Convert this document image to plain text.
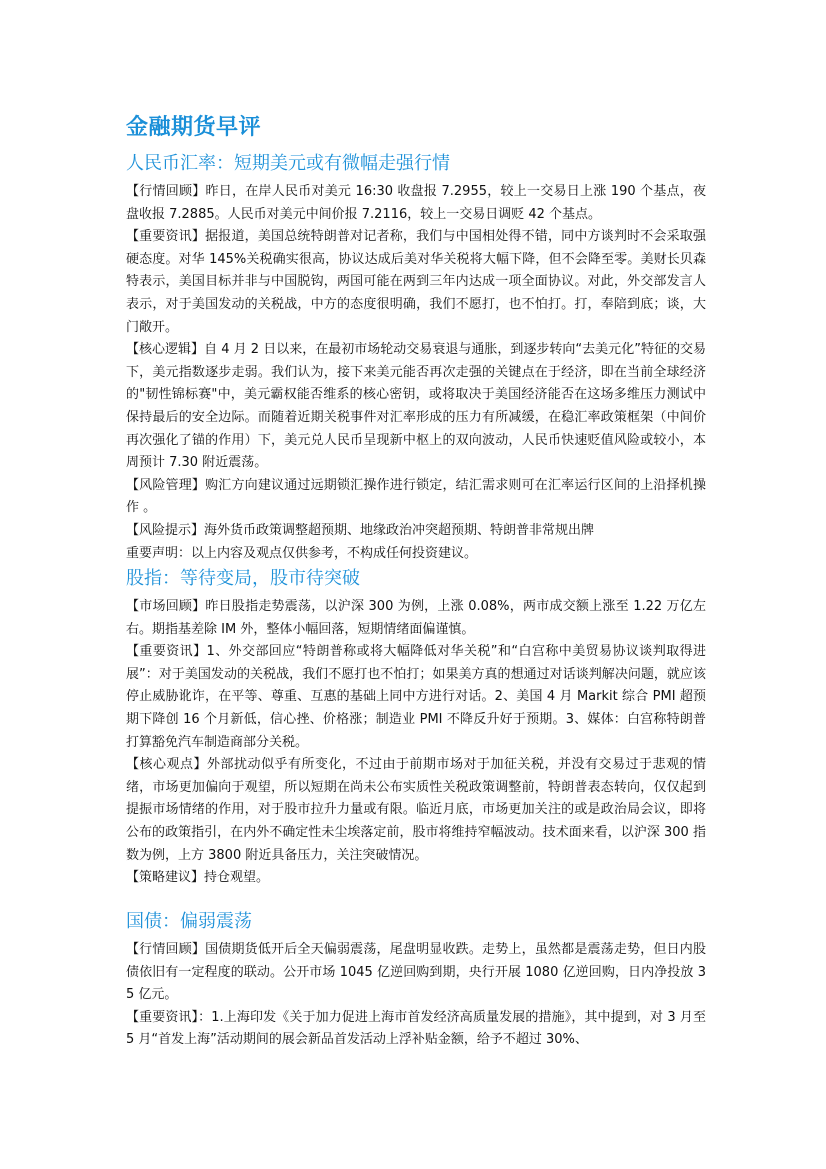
金融期货早评
人民币汇率：短期美元或有微幅走强行情

【行情回顾】昨日，在岸人民币对美元 16:30 收盘报 7.2955，较上一交易日上涨 190 个基点，夜盘收报 7.2885。人民币对美元中间价报 7.2116，较上一交易日调贬 42 个基点。

【重要资讯】据报道，美国总统特朗普对记者称，我们与中国相处得不错，同中方谈判时不会采取强硬态度。对华 145%关税确实很高，协议达成后美对华关税将大幅下降，但不会降至零。美财长贝森特表示，美国目标并非与中国脱钩，两国可能在两到三年内达成一项全面协议。对此，外交部发言人表示，对于美国发动的关税战，中方的态度很明确，我们不愿打，也不怕打。打，奉陪到底；谈，大门敞开。

【核心逻辑】自 4 月 2 日以来，在最初市场轮动交易衰退与通胀，到逐步转向“去美元化”特征的交易下，美元指数逐步走弱。我们认为，接下来美元能否再次走强的关键点在于经济，即在当前全球经济的"韧性锦标赛"中，美元霸权能否维系的核心密钥，或将取决于美国经济能否在这场多维压力测试中保持最后的安全边际。而随着近期关税事件对汇率形成的压力有所减缓，在稳汇率政策框架（中间价再次强化了锚的作用）下，美元兑人民币呈现新中枢上的双向波动，人民币快速贬值风险或较小，本周预计 7.30 附近震荡。

【风险管理】购汇方向建议通过远期锁汇操作进行锁定，结汇需求则可在汇率运行区间的上沿择机操作 。

【风险提示】海外货币政策调整超预期、地缘政治冲突超预期、特朗普非常规出牌

重要声明：以上内容及观点仅供参考，不构成任何投资建议。

股指：等待变局，股市待突破

【市场回顾】昨日股指走势震荡，以沪深 300 为例，上涨 0.08%，两市成交额上涨至 1.22 万亿左右。期指基差除 IM 外，整体小幅回落，短期情绪面偏谨慎。

【重要资讯】1、外交部回应“特朗普称或将大幅降低对华关税”和“白宫称中美贸易协议谈判取得进展”：对于美国发动的关税战，我们不愿打也不怕打；如果美方真的想通过对话谈判解决问题，就应该停止威胁讹诈，在平等、尊重、互惠的基础上同中方进行对话。2、美国 4 月 Markit 综合 PMI 超预期下降创 16 个月新低，信心挫、价格涨；制造业 PMI 不降反升好于预期。3、媒体：白宫称特朗普打算豁免汽车制造商部分关税。

【核心观点】外部扰动似乎有所变化，不过由于前期市场对于加征关税，并没有交易过于悲观的情绪，市场更加偏向于观望，所以短期在尚未公布实质性关税政策调整前，特朗普表态转向，仅仅起到提振市场情绪的作用，对于股市拉升力量或有限。临近月底，市场更加关注的或是政治局会议，即将公布的政策指引，在内外不确定性未尘埃落定前，股市将维持窄幅波动。技术面来看，以沪深 300 指数为例，上方 3800 附近具备压力，关注突破情况。

【策略建议】持仓观望。

国债：偏弱震荡

【行情回顾】国债期货低开后全天偏弱震荡，尾盘明显收跌。走势上，虽然都是震荡走势，但日内股债依旧有一定程度的联动。公开市场 1045 亿逆回购到期，央行开展 1080 亿逆回购，日内净投放 35 亿元。

【重要资讯】：1.上海印发《关于加力促进上海市首发经济高质量发展的措施》，其中提到，对 3 月至 5 月“首发上海”活动期间的展会新品首发活动上浮补贴金额，给予不超过 30%、
